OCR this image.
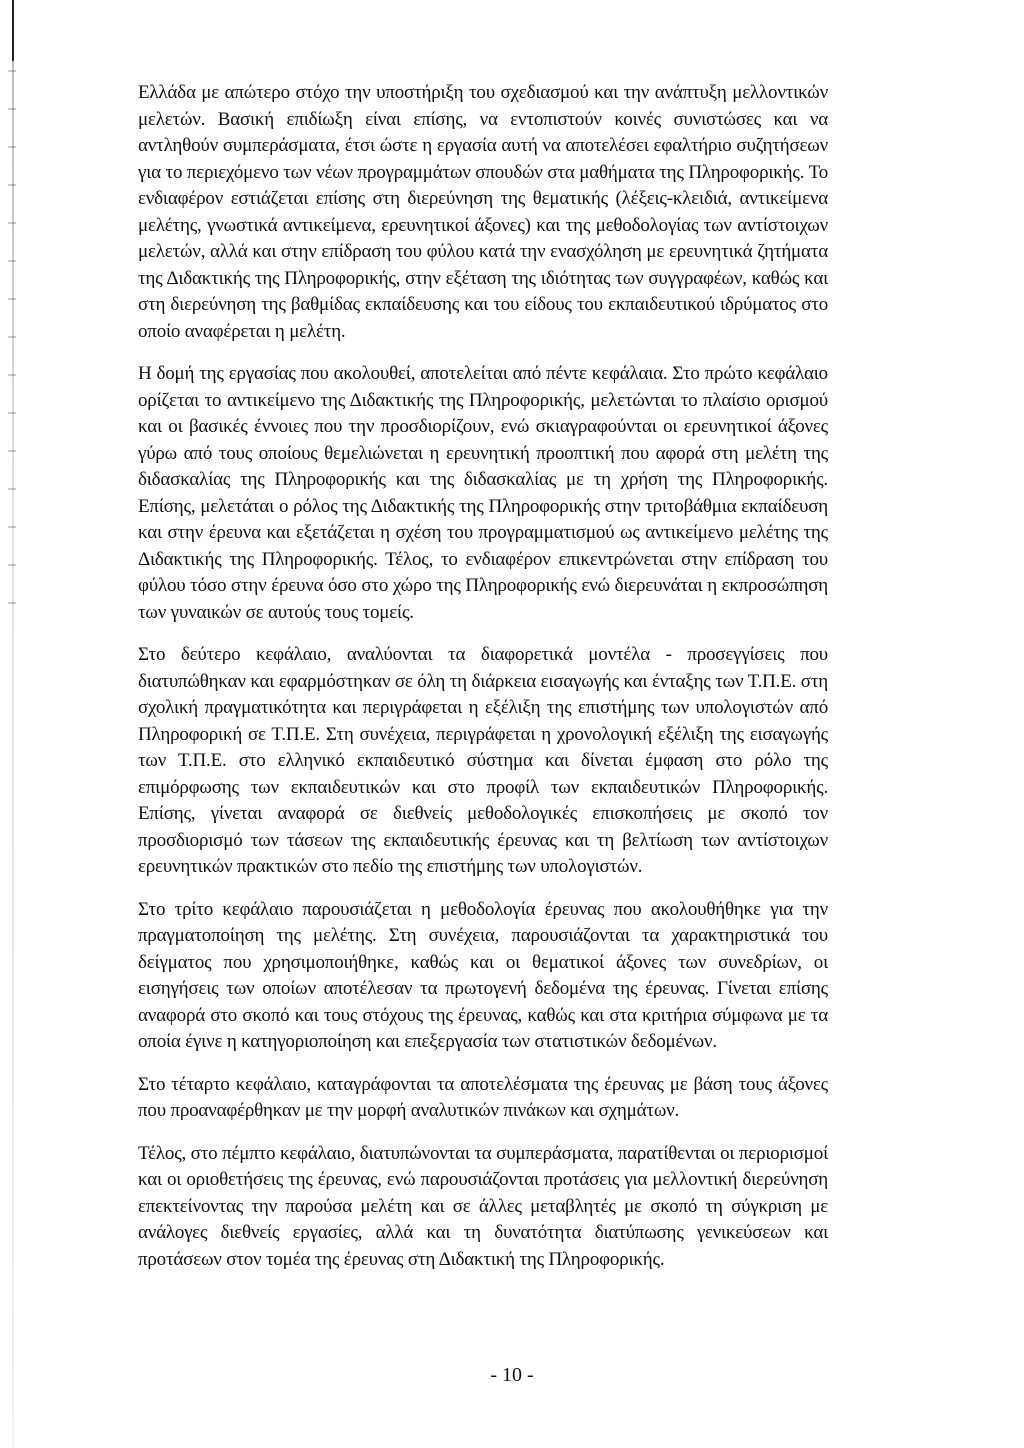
Ελλάδα με απώτερο στόχο την υποστήριξη του σχεδιασμού και την ανάπτυξη μελλοντικών μελετών. Βασική επιδίωξη είναι επίσης, να εντοπιστούν κοινές συνιστώσες και να αντληθούν συμπεράσματα, έτσι ώστε η εργασία αυτή να αποτελέσει εφαλτήριο συζητήσεων για το περιεχόμενο των νέων προγραμμάτων σπουδών στα μαθήματα της Πληροφορικής. Το ενδιαφέρον εστιάζεται επίσης στη διερεύνηση της θεματικής (λέξεις-κλειδιά, αντικείμενα μελέτης, γνωστικά αντικείμενα, ερευνητικοί άξονες) και της μεθοδολογίας των αντίστοιχων μελετών, αλλά και στην επίδραση του φύλου κατά την ενασχόληση με ερευνητικά ζητήματα της Διδακτικής της Πληροφορικής, στην εξέταση της ιδιότητας των συγγραφέων, καθώς και στη διερεύνηση της βαθμίδας εκπαίδευσης και του είδους του εκπαιδευτικού ιδρύματος στο οποίο αναφέρεται η μελέτη.

Η δομή της εργασίας που ακολουθεί, αποτελείται από πέντε κεφάλαια. Στο πρώτο κεφάλαιο ορίζεται το αντικείμενο της Διδακτικής της Πληροφορικής, μελετώνται το πλαίσιο ορισμού και οι βασικές έννοιες που την προσδιορίζουν, ενώ σκιαγραφούνται οι ερευνητικοί άξονες γύρω από τους οποίους θεμελιώνεται η ερευνητική προοπτική που αφορά στη μελέτη της διδασκαλίας της Πληροφορικής και της διδασκαλίας με τη χρήση της Πληροφορικής. Επίσης, μελετάται ο ρόλος της Διδακτικής της Πληροφορικής στην τριτοβάθμια εκπαίδευση και στην έρευνα και εξετάζεται η σχέση του προγραμματισμού ως αντικείμενο μελέτης της Διδακτικής της Πληροφορικής. Τέλος, το ενδιαφέρον επικεντρώνεται στην επίδραση του φύλου τόσο στην έρευνα όσο στο χώρο της Πληροφορικής ενώ διερευνάται η εκπροσώπηση των γυναικών σε αυτούς τους τομείς.

Στο δεύτερο κεφάλαιο, αναλύονται τα διαφορετικά μοντέλα - προσεγγίσεις που διατυπώθηκαν και εφαρμόστηκαν σε όλη τη διάρκεια εισαγωγής και ένταξης των Τ.Π.Ε. στη σχολική πραγματικότητα και περιγράφεται η εξέλιξη της επιστήμης των υπολογιστών από Πληροφορική σε Τ.Π.Ε. Στη συνέχεια, περιγράφεται η χρονολογική εξέλιξη της εισαγωγής των Τ.Π.Ε. στο ελληνικό εκπαιδευτικό σύστημα και δίνεται έμφαση στο ρόλο της επιμόρφωσης των εκπαιδευτικών και στο προφίλ των εκπαιδευτικών Πληροφορικής. Επίσης, γίνεται αναφορά σε διεθνείς μεθοδολογικές επισκοπήσεις με σκοπό τον προσδιορισμό των τάσεων της εκπαιδευτικής έρευνας και τη βελτίωση των αντίστοιχων ερευνητικών πρακτικών στο πεδίο της επιστήμης των υπολογιστών.

Στο τρίτο κεφάλαιο παρουσιάζεται η μεθοδολογία έρευνας που ακολουθήθηκε για την πραγματοποίηση της μελέτης. Στη συνέχεια, παρουσιάζονται τα χαρακτηριστικά του δείγματος που χρησιμοποιήθηκε, καθώς και οι θεματικοί άξονες των συνεδρίων, οι εισηγήσεις των οποίων αποτέλεσαν τα πρωτογενή δεδομένα της έρευνας. Γίνεται επίσης αναφορά στο σκοπό και τους στόχους της έρευνας, καθώς και στα κριτήρια σύμφωνα με τα οποία έγινε η κατηγοριοποίηση και επεξεργασία των στατιστικών δεδομένων.

Στο τέταρτο κεφάλαιο, καταγράφονται τα αποτελέσματα της έρευνας με βάση τους άξονες που προαναφέρθηκαν με την μορφή αναλυτικών πινάκων και σχημάτων.

Τέλος, στο πέμπτο κεφάλαιο, διατυπώνονται τα συμπεράσματα, παρατίθενται οι περιορισμοί και οι οριοθετήσεις της έρευνας, ενώ παρουσιάζονται προτάσεις για μελλοντική διερεύνηση επεκτείνοντας την παρούσα μελέτη και σε άλλες μεταβλητές με σκοπό τη σύγκριση με ανάλογες διεθνείς εργασίες, αλλά και τη δυνατότητα διατύπωσης γενικεύσεων και προτάσεων στον τομέα της έρευνας στη Διδακτική της Πληροφορικής.

- 10 -
